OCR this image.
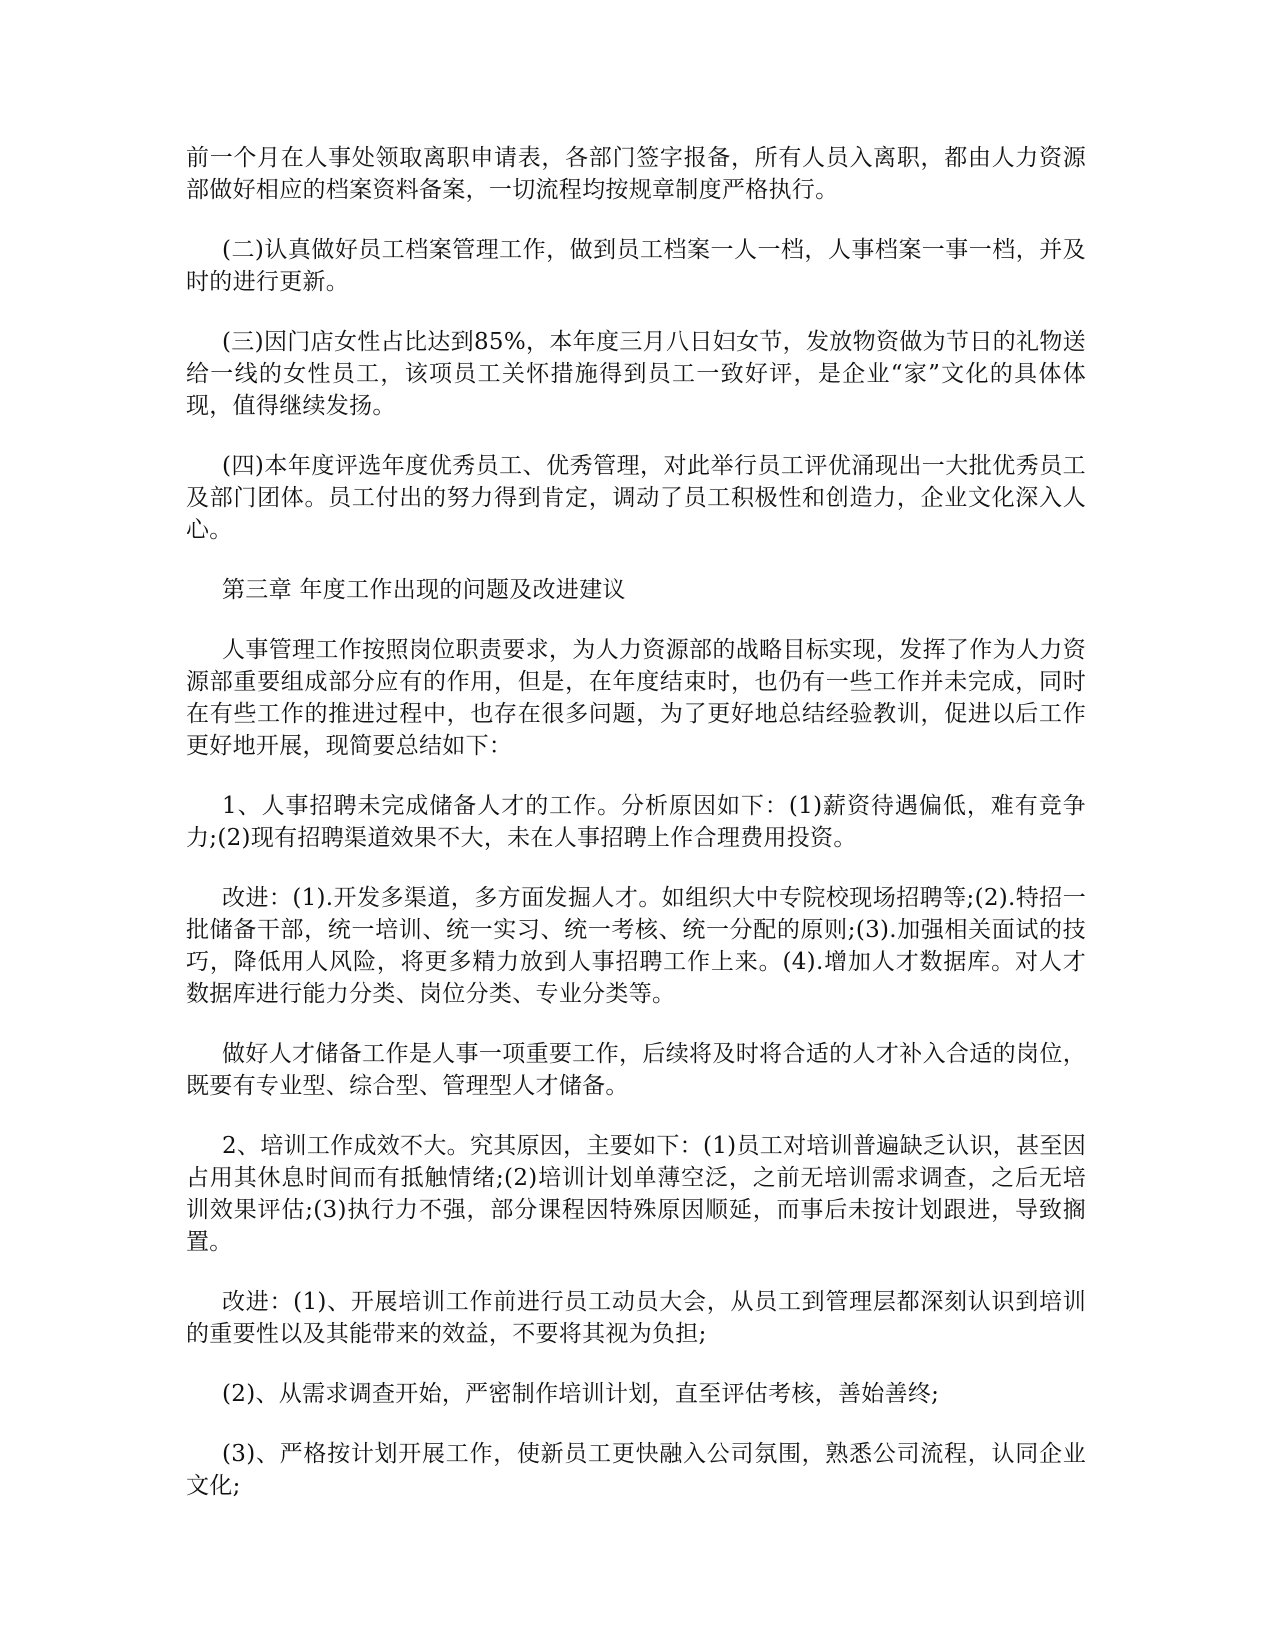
前一个月在人事处领取离职申请表，各部门签字报备，所有人员入离职，都由人力资源部做好相应的档案资料备案，一切流程均按规章制度严格执行。

(二)认真做好员工档案管理工作，做到员工档案一人一档，人事档案一事一档，并及时的进行更新。

(三)因门店女性占比达到85%，本年度三月八日妇女节，发放物资做为节日的礼物送给一线的女性员工，该项员工关怀措施得到员工一致好评，是企业“家”文化的具体体现，值得继续发扬。

(四)本年度评选年度优秀员工、优秀管理，对此举行员工评优涌现出一大批优秀员工及部门团体。员工付出的努力得到肯定，调动了员工积极性和创造力，企业文化深入人心。

第三章 年度工作出现的问题及改进建议

人事管理工作按照岗位职责要求，为人力资源部的战略目标实现，发挥了作为人力资源部重要组成部分应有的作用，但是，在年度结束时，也仍有一些工作并未完成，同时在有些工作的推进过程中，也存在很多问题，为了更好地总结经验教训，促进以后工作更好地开展，现简要总结如下：

1、人事招聘未完成储备人才的工作。分析原因如下：(1)薪资待遇偏低，难有竞争力;(2)现有招聘渠道效果不大，未在人事招聘上作合理费用投资。

改进：(1).开发多渠道，多方面发掘人才。如组织大中专院校现场招聘等;(2).特招一批储备干部，统一培训、统一实习、统一考核、统一分配的原则;(3).加强相关面试的技巧，降低用人风险，将更多精力放到人事招聘工作上来。(4).增加人才数据库。对人才数据库进行能力分类、岗位分类、专业分类等。

做好人才储备工作是人事一项重要工作，后续将及时将合适的人才补入合适的岗位，既要有专业型、综合型、管理型人才储备。

2、培训工作成效不大。究其原因，主要如下：(1)员工对培训普遍缺乏认识，甚至因占用其休息时间而有抵触情绪;(2)培训计划单薄空泛，之前无培训需求调查，之后无培训效果评估;(3)执行力不强，部分课程因特殊原因顺延，而事后未按计划跟进，导致搁置。

改进：(1)、开展培训工作前进行员工动员大会，从员工到管理层都深刻认识到培训的重要性以及其能带来的效益，不要将其视为负担;

(2)、从需求调查开始，严密制作培训计划，直至评估考核，善始善终;

(3)、严格按计划开展工作，使新员工更快融入公司氛围，熟悉公司流程，认同企业文化;
